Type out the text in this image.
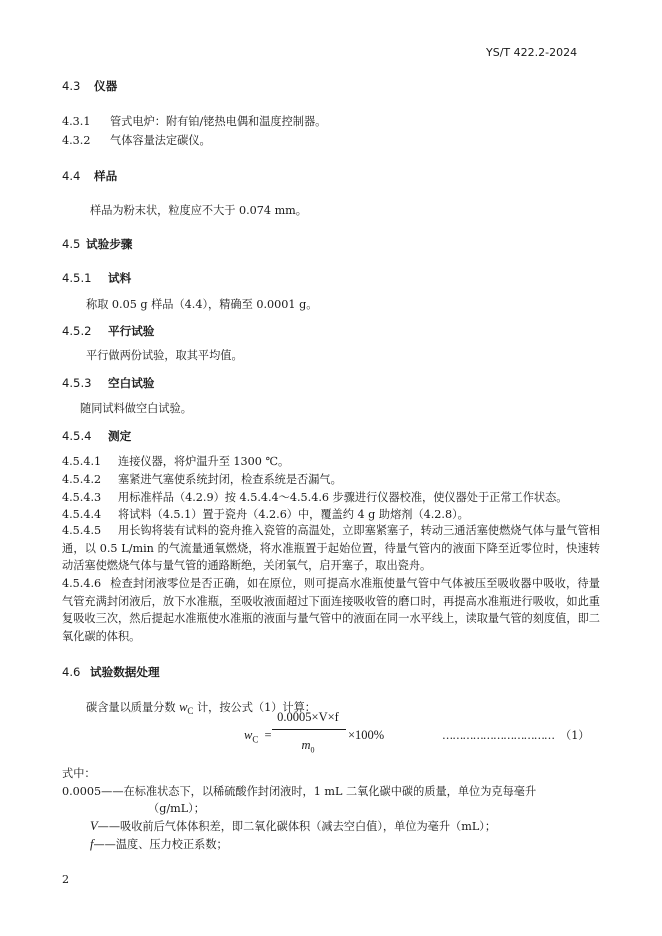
YS/T 422.2-2024
4.3 仪器
4.3.1 管式电炉：附有铂/铑热电偶和温度控制器。
4.3.2 气体容量法定碳仪。
4.4 样品
样品为粉末状，粒度应不大于 0.074 mm。
4.5 试验步骤
4.5.1 试料
称取 0.05 g 样品（4.4），精确至 0.0001 g。
4.5.2 平行试验
平行做两份试验，取其平均值。
4.5.3 空白试验
随同试料做空白试验。
4.5.4 测定
4.5.4.1 连接仪器，将炉温升至 1300 ℃。
4.5.4.2 塞紧进气塞使系统封闭，检查系统是否漏气。
4.5.4.3 用标准样品（4.2.9）按 4.5.4.4～4.5.4.6 步骤进行仪器校准，使仪器处于正常工作状态。
4.5.4.4 将试料（4.5.1）置于瓷舟（4.2.6）中，覆盖约 4 g 助熔剂（4.2.8）。
4.5.4.5 用长钩将装有试料的瓷舟推入瓷管的高温处，立即塞紧塞子，转动三通活塞使燃烧气体与量气管相通，以 0.5 L/min 的气流量通氧燃烧，将水准瓶置于起始位置，待量气管内的液面下降至近零位时，快速转动活塞使燃烧气体与量气管的通路断绝，关闭氧气，启开塞子，取出瓷舟。
4.5.4.6 检查封闭液零位是否正确，如在原位，则可提高水准瓶使量气管中气体被压至吸收器中吸收，待量气管充满封闭液后，放下水准瓶，至吸收液面超过下面连接吸收管的磨口时，再提高水准瓶进行吸收，如此重复吸收三次，然后提起水准瓶使水准瓶的液面与量气管中的液面在同一水平线上，读取量气管的刻度值，即二氧化碳的体积。
4.6 试验数据处理
碳含量以质量分数 $w_C$ 计，按公式（1）计算：
$w_C$ =
0.0005×V×f
$m_0$
×100%	…………………………… （1）
式中：
0.0005——在标准状态下，以稀硫酸作封闭液时，1 mL 二氧化碳中碳的质量，单位为克每毫升
（g/mL）；
V——吸收前后气体体积差，即二氧化碳体积（减去空白值），单位为毫升（mL）；
f——温度、压力校正系数；
2
